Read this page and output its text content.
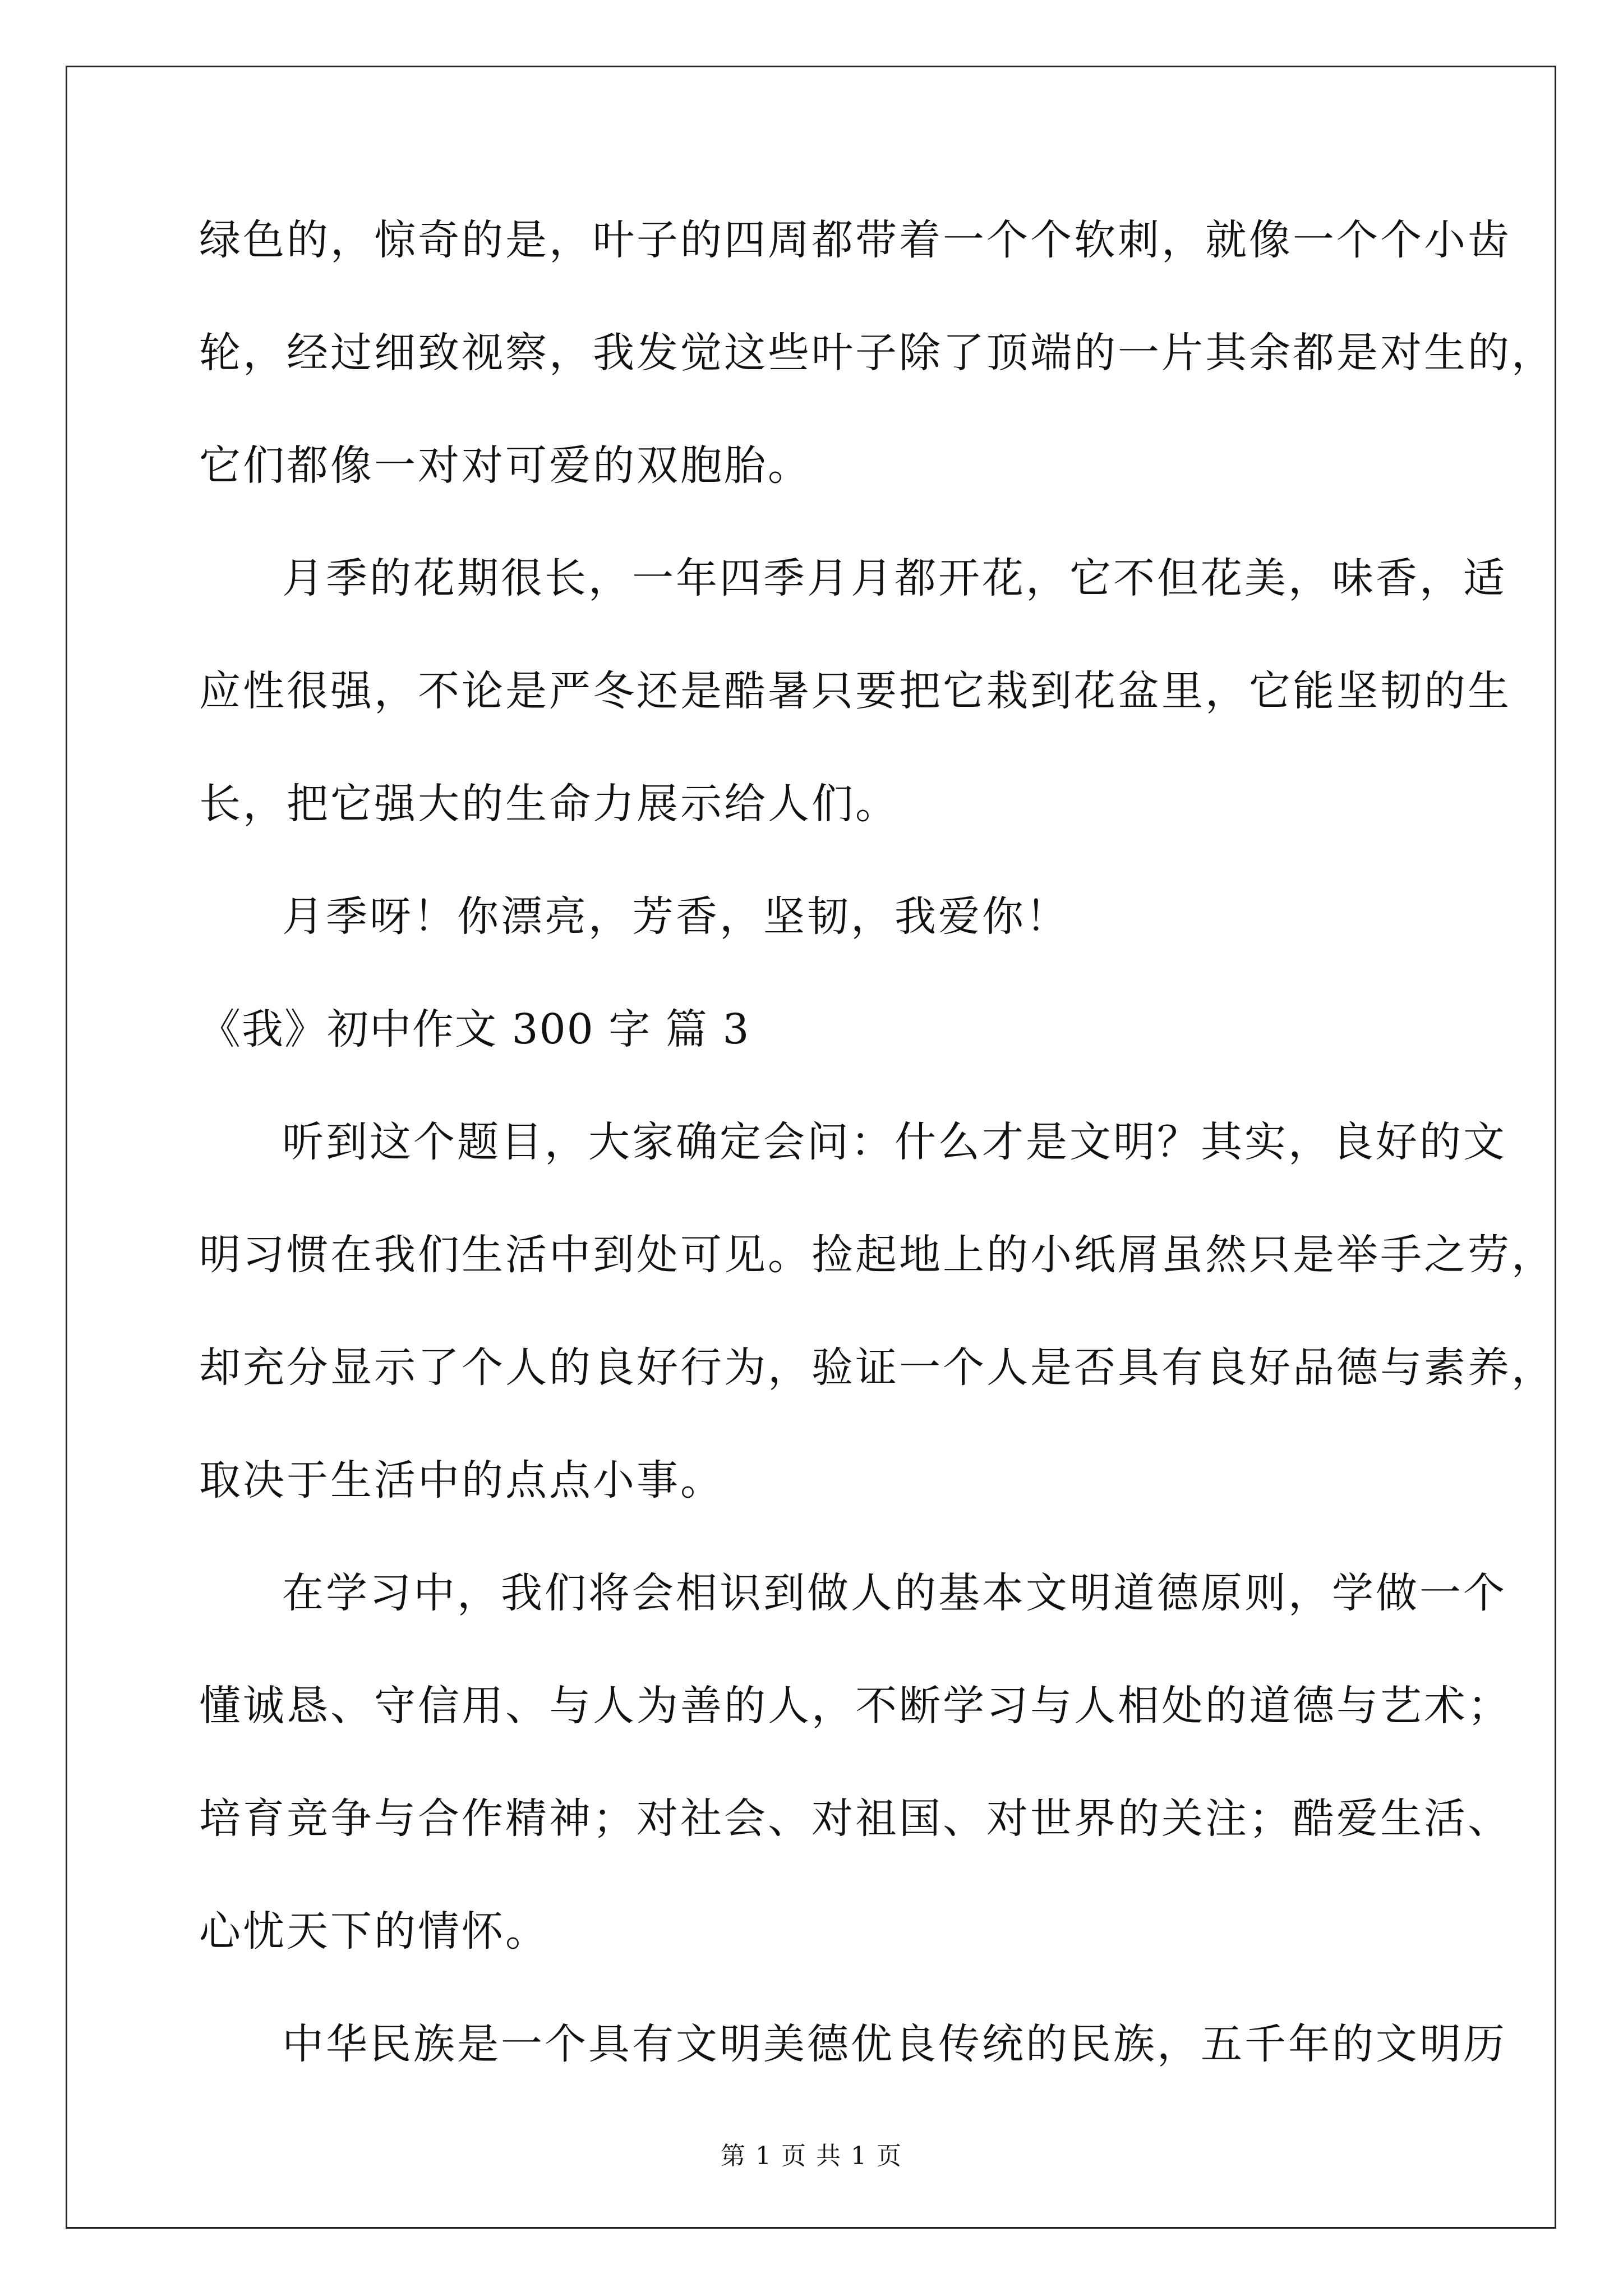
绿色的，惊奇的是，叶子的四周都带着一个个软刺，就像一个个小齿
轮，经过细致视察，我发觉这些叶子除了顶端的一片其余都是对生的，
它们都像一对对可爱的双胞胎。
月季的花期很长，一年四季月月都开花，它不但花美，味香，适
应性很强，不论是严冬还是酷暑只要把它栽到花盆里，它能坚韧的生
长，把它强大的生命力展示给人们。
月季呀！你漂亮，芳香，坚韧，我爱你！
《我》初中作文 300 字 篇 3
听到这个题目，大家确定会问：什么才是文明？其实，良好的文
明习惯在我们生活中到处可见。捡起地上的小纸屑虽然只是举手之劳，
却充分显示了个人的良好行为，验证一个人是否具有良好品德与素养，
取决于生活中的点点小事。
在学习中，我们将会相识到做人的基本文明道德原则，学做一个
懂诚恳、守信用、与人为善的人，不断学习与人相处的道德与艺术；
培育竞争与合作精神；对社会、对祖国、对世界的关注；酷爱生活、
心忧天下的情怀。
中华民族是一个具有文明美德优良传统的民族，五千年的文明历
第 1 页 共 1 页
